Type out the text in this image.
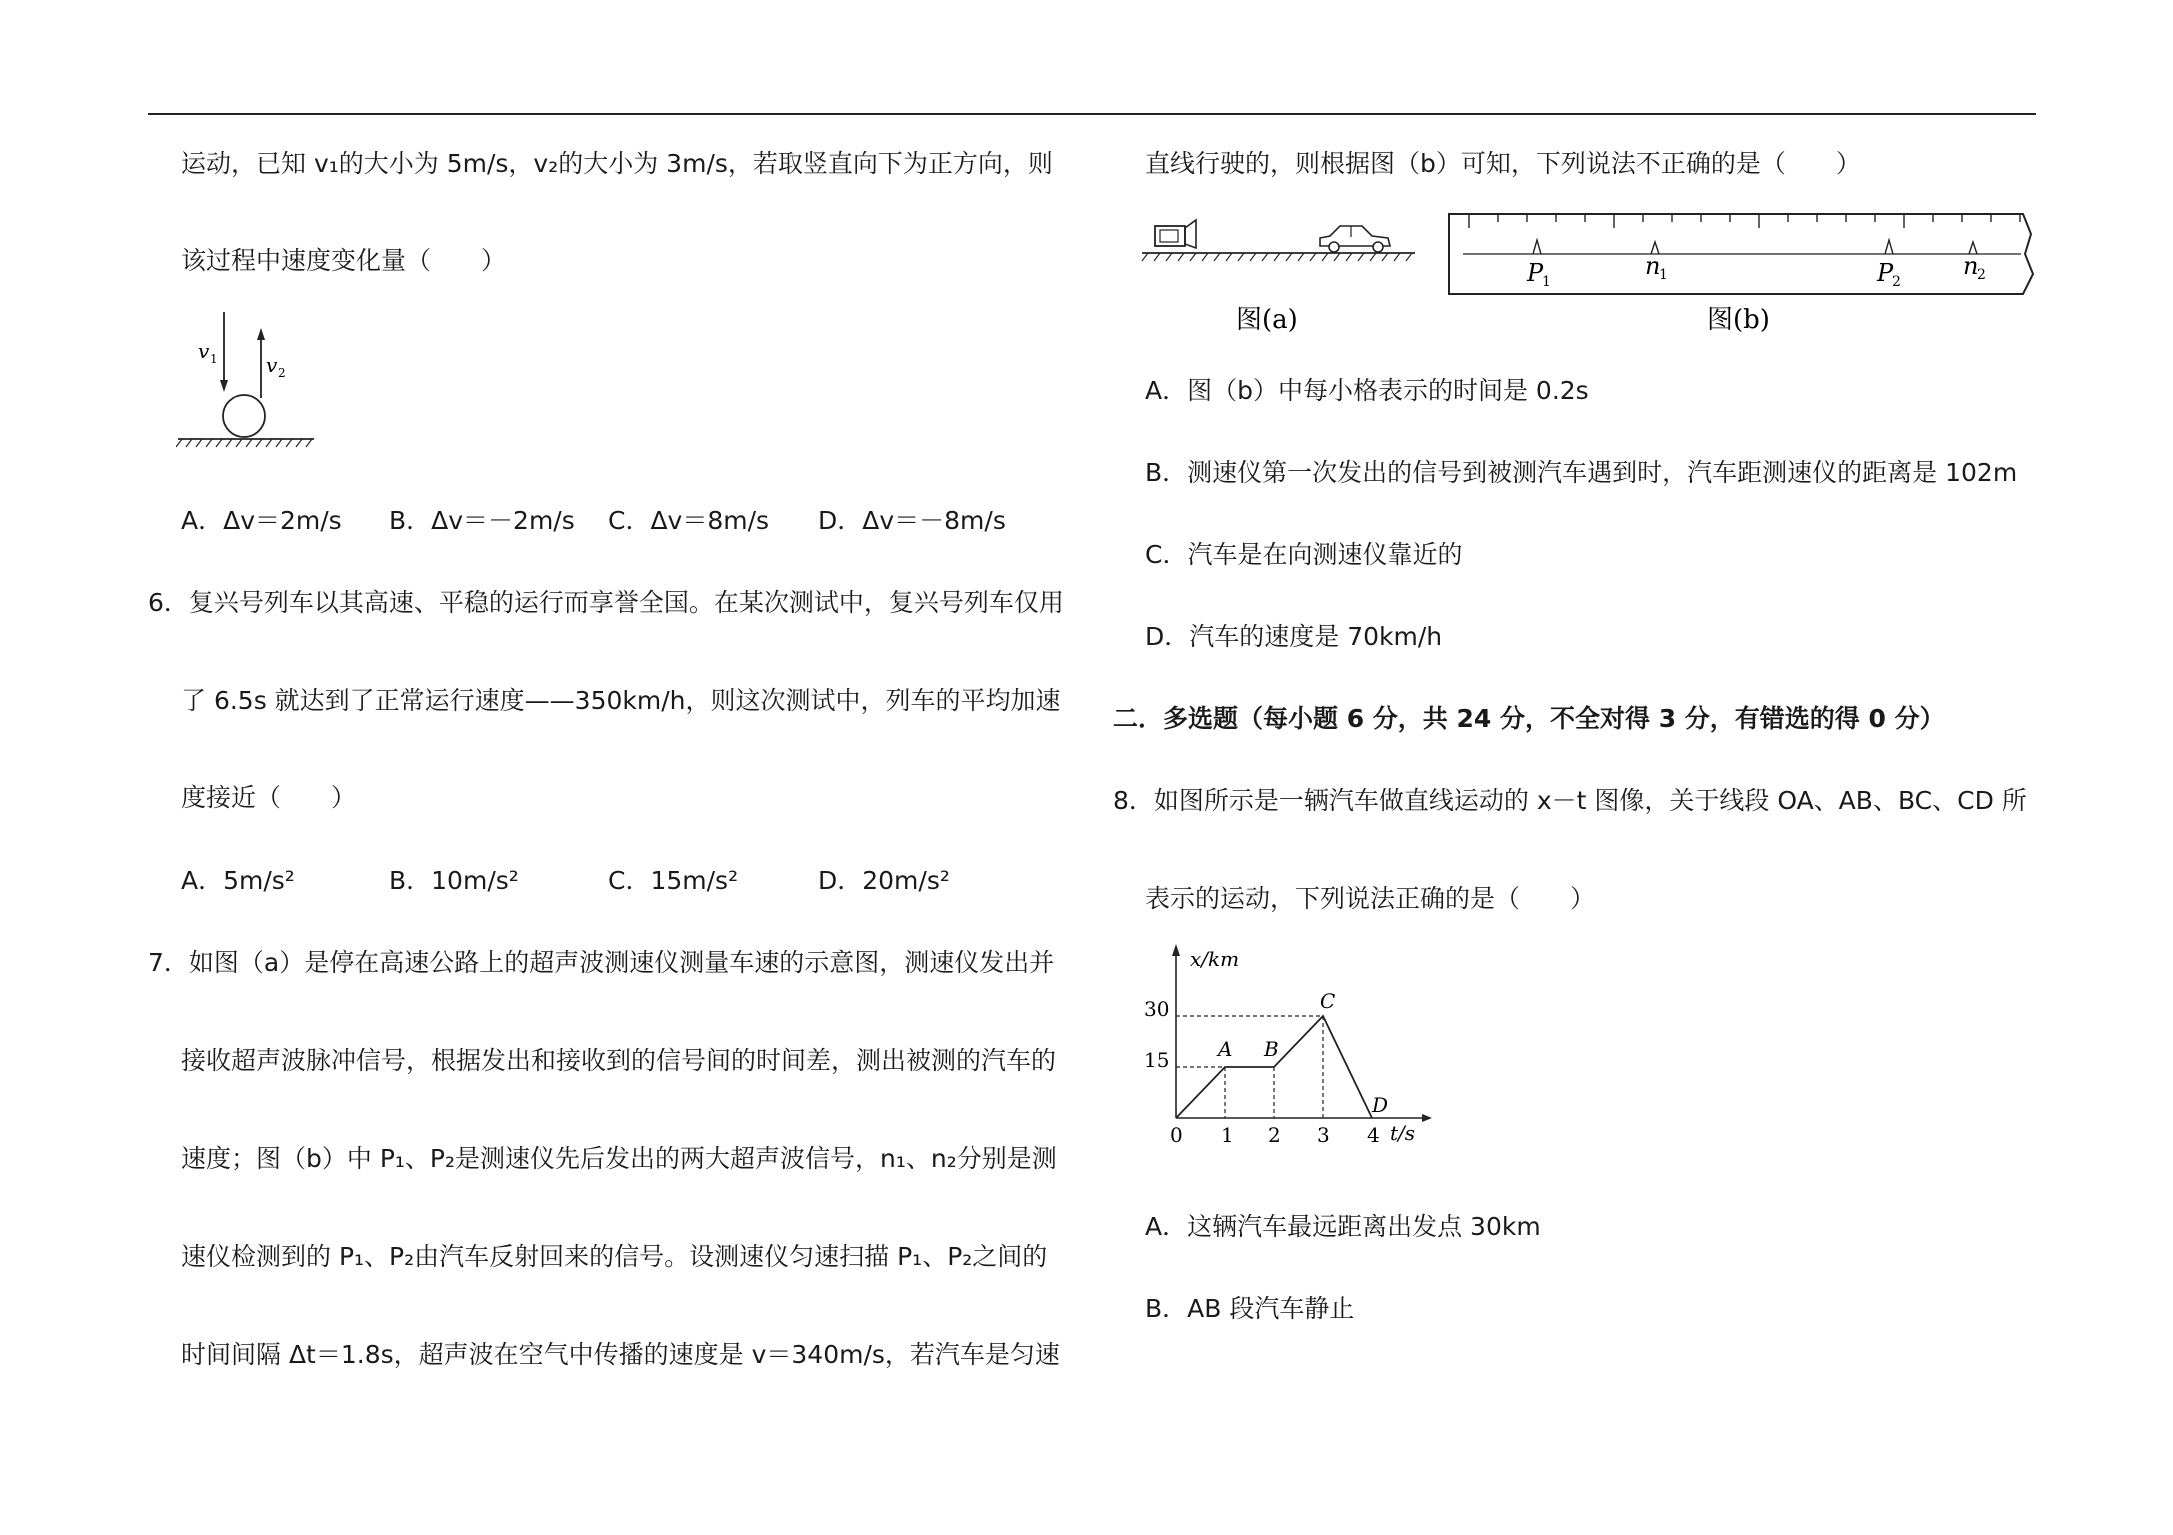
运动，已知 v₁的大小为 5m/s，v₂的大小为 3m/s，若取竖直向下为正方向，则
该过程中速度变化量（　　）
v 1 v 2
A．Δv＝2m/s B．Δv＝－2m/s C．Δv＝8m/s D．Δv＝－8m/s
6．复兴号列车以其高速、平稳的运行而享誉全国。在某次测试中，复兴号列车仅用
了 6.5s 就达到了正常运行速度——350km/h，则这次测试中，列车的平均加速
度接近（　　）
A．5m/s²	B．10m/s²	C．15m/s²	D．20m/s²
7．如图（a）是停在高速公路上的超声波测速仪测量车速的示意图，测速仪发出并
接收超声波脉冲信号，根据发出和接收到的信号间的时间差，测出被测的汽车的
速度；图（b）中 P₁、P₂是测速仪先后发出的两大超声波信号，n₁、n₂分别是测
速仪检测到的 P₁、P₂由汽车反射回来的信号。设测速仪匀速扫描 P₁、P₂之间的
时间间隔 Δt＝1.8s，超声波在空气中传播的速度是 v＝340m/s，若汽车是匀速
直线行驶的，则根据图（b）可知，下列说法不正确的是（　　）
图(a)
P
1
n
1	P
2
n
2
图(b)
A．图（b）中每小格表示的时间是 0.2s
B．测速仪第一次发出的信号到被测汽车遇到时，汽车距测速仪的距离是 102m
C．汽车是在向测速仪靠近的
D．汽车的速度是 70km/h
二．多选题（每小题 6 分，共 24 分，不全对得 3 分，有错选的得 0 分）
8．如图所示是一辆汽车做直线运动的 x－t 图像，关于线段 OA、AB、BC、CD 所
表示的运动，下列说法正确的是（　　）
x/km
t/s
30
15
0 1 2 3 4
A B
C
D
A．这辆汽车最远距离出发点 30km
B．AB 段汽车静止
